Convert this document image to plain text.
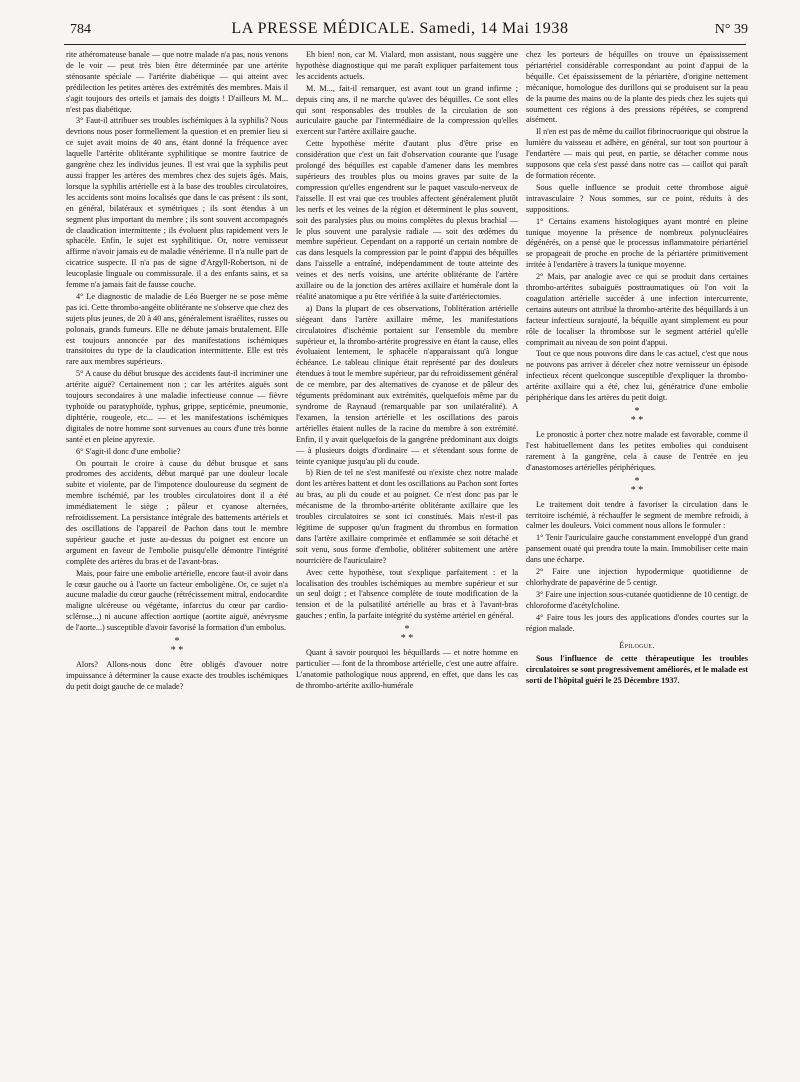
784	LA PRESSE MÉDICALE. Samedi, 14 Mai 1938	N° 39

rite athéromateuse banale — que notre malade n'a pas, nous venons de le voir — peut très bien être déterminée par une artérite sténosante spéciale — l'artérite diabétique — qui atteint avec prédilection les petites artères des extrémités des membres. Mais il s'agit toujours des orteils et jamais des doigts ! D'ailleurs M. M... n'est pas diabétique.

3° Faut-il attribuer ses troubles ischémiques à la syphilis? Nous devrions nous poser formellement la question et en premier lieu si ce sujet avait moins de 40 ans, étant donné la fréquence avec laquelle l'artérite oblitérante syphilitique se montre fautrice de gangrène chez les individus jeunes. Il est vrai que la syphilis peut aussi frapper les artères des membres chez des sujets âgés. Mais, lorsque la syphilis artérielle est à la base des troubles circulatoires, les accidents sont moins localisés que dans le cas présent : ils sont, en général, bilatéraux et symétriques ; ils sont étendus à un segment plus important du membre ; ils sont souvent accompagnés de claudication intermittente ; ils évoluent plus rapidement vers le sphacèle. Enfin, le sujet est syphilitique. Or, notre vernisseur affirme n'avoir jamais eu de maladie vénérienne. Il n'a nulle part de cicatrice suspecte. Il n'a pas de signe d'Argyll-Robertson, ni de leucoplasie linguale ou commissurale. il a des enfants sains, et sa femme n'a jamais fait de fausse couche.

4° Le diagnostic de maladie de Léo Buerger ne se pose même pas ici. Cette thrombo-angéite oblitérante ne s'observe que chez des sujets plus jeunes, de 20 à 40 ans, généralement israélites, russes ou polonais, grands fumeurs. Elle ne débute jamais brutalement. Elle est toujours annoncée par des manifestations ischémiques transitoires du type de la claudication intermittente. Elle est très rare aux membres supérieurs.

5° A cause du début brusque des accidents faut-il incriminer une artérite aiguë? Certainement non ; car les artérites aiguës sont toujours secondaires à une maladie infectieuse connue — fièvre typhoïde ou paratyphoïde, typhus, grippe, septicémie, pneumonie, diphtérie, rougeole, etc... — et les manifestations ischémiques digitales de notre homme sont survenues au cours d'une très bonne santé et en pleine apyrexie.

6° S'agit-il donc d'une embolie?

On pourrait le croire à cause du début brusque et sans prodromes des accidents, début marqué par une douleur locale subite et violente, par de l'impotence douloureuse du segment de membre ischémié, par les troubles circulatoires dont il a été immédiatement le siège ; pâleur et cyanose alternées, refroidissement. La persistance intégrale des battements artériels et des oscillations de l'appareil de Pachon dans tout le membre supérieur gauche et juste au-dessus du poignet est encore un argument en faveur de l'embolie puisqu'elle démontre l'intégrité complète des artères du bras et de l'avant-bras.

Mais, pour faire une embolie artérielle, encore faut-il avoir dans le cœur gauche ou à l'aorte un facteur emboligène. Or, ce sujet n'a aucune maladie du cœur gauche (rétrécissement mitral, endocardite maligne ulcéreuse ou végétante, infarctus du cœur par cardio-sclérose...) ni aucune affection aortique (aortite aiguë, anévrysme de l'aorte...) susceptible d'avoir favorisé la formation d'un embolus.

*
* *

Alors? Allons-nous donc être obligés d'avouer notre impuissance à déterminer la cause exacte des troubles ischémiques du petit doigt gauche de ce malade?

Eh bien! non, car M. Vialard, mon assistant, nous suggère une hypothèse diagnostique qui me paraît expliquer parfaitement tous les accidents actuels.

M. M..., fait-il remarquer, est avant tout un grand infirme ; depuis cinq ans, il ne marche qu'avec des béquilles. Ce sont elles qui sont responsables des troubles de la circulation de son auriculaire gauche par l'intermédiaire de la compression qu'elles exercent sur l'artère axillaire gauche.

Cette hypothèse mérite d'autant plus d'être prise en considération que c'est un fait d'observation courante que l'usage prolongé des béquilles est capable d'amener dans les membres supérieurs des troubles plus ou moins graves par suite de la compression qu'elles engendrent sur le paquet vasculo-nerveux de l'aisselle. Il est vrai que ces troubles affectent généralement plutôt les nerfs et les veines de la région et déterminent le plus souvent, soit des paralysies plus ou moins complètes du plexus brachial — le plus souvent une paralysie radiale — soit des œdèmes du membre supérieur. Cependant on a rapporté un certain nombre de cas dans lesquels la compression par le point d'appui des béquilles dans l'aisselle a entraîné, indépendamment de toute atteinte des veines et des nerfs voisins, une artérite oblitérante de l'artère axillaire ou de la jonction des artères axillaire et humérale dont la réalité anatomique a pu être vérifiée à la suite d'artériectomies.

a) Dans la plupart de ces observations, l'oblitération artérielle siégeant dans l'artère axillaire même, les manifestations circulatoires d'ischémie portaient sur l'ensemble du membre supérieur et, la thrombo-artérite progressive en étant la cause, elles évoluaient lentement, le sphacèle n'apparaissant qu'à longue échéance. Le tableau clinique était représenté par des douleurs étendues à tout le membre supérieur, par du refroidissement général de ce membre, par des alternatives de cyanose et de pâleur des téguments prédominant aux extrémités, quelquefois même par du syndrome de Raynaud (remarquable par son unilatéralité). A l'examen, la tension artérielle et les oscillations des parois artérielles étaient nulles de la racine du membre à son extrémité. Enfin, il y avait quelquefois de la gangrène prédominant aux doigts — à plusieurs doigts d'ordinaire — et s'étendant sous forme de teinte cyanique jusqu'au pli du coude.

b) Rien de tel ne s'est manifesté ou n'existe chez notre malade dont les artères battent et dont les oscillations au Pachon sont fortes au bras, au pli du coude et au poignet. Ce n'est donc pas par le mécanisme de la thrombo-artérite oblitérante axillaire que les troubles circulatoires se sont ici constitués. Mais n'est-il pas légitime de supposer qu'un fragment du thrombus en formation dans l'artère axillaire comprimée et enflammée se soit détaché et soit venu, sous forme d'embolie, oblitérer subitement une artère nourricière de l'auriculaire?

Avec cette hypothèse, tout s'explique parfaitement : et la localisation des troubles ischémiques au membre supérieur et sur un seul doigt ; et l'absence complète de toute modification de la tension et de la pulsatilité artérielle au bras et à l'avant-bras gauches ; enfin, la parfaite intégrité du système artériel en général.

*
* *

Quant à savoir pourquoi les béquillards — et notre homme en particulier — font de la thrombose artérielle, c'est une autre affaire. L'anatomie pathologique nous apprend, en effet, que dans les cas de thrombo-artérite axillo-humérale

chez les porteurs de béquilles on trouve un épaississement périartériel considérable correspondant au point d'appui de la béquille. Cet épaississement de la périartère, d'origine nettement mécanique, homologue des durillons qui se produisent sur la peau de la paume des mains ou de la plante des pieds chez les sujets qui soumettent ces régions à des pressions répétées, se comprend aisément.

Il n'en est pas de même du caillot fibrinocruorique qui obstrue la lumière du vaisseau et adhère, en général, sur tout son pourtour à l'endartère — mais qui peut, en partie, se détacher comme nous supposons que cela s'est passé dans notre cas — caillot qui paraît de formation récente.

Sous quelle influence se produit cette thrombose aiguë intravasculaire ? Nous sommes, sur ce point, réduits à des suppositions.

1° Certains examens histologiques ayant montré en pleine tunique moyenne la présence de nombreux polynucléaires dégénérés, on a pensé que le processus inflammatoire périartériel se propageait de proche en proche de la périartère primitivement irritée à l'endartère à travers la tunique moyenne.

2° Mais, par analogie avec ce qui se produit dans certaines thrombo-artérites subaiguës posttraumatiques où l'on voit la coagulation artérielle succéder à une infection intercurrente, certains auteurs ont attribué la thrombo-artérite des béquillards à un facteur infectieux surajouté, la béquille ayant simplement eu pour rôle de localiser la thrombose sur le segment artériel qu'elle comprimait au niveau de son point d'appui.

Tout ce que nous pouvons dire dans le cas actuel, c'est que nous ne pouvons pas arriver à déceler chez notre vernisseur un épisode infectieux récent quelconque susceptible d'expliquer la thrombo-artérite axillaire qui a été, chez lui, génératrice d'une embolie périphérique dans les artères du petit doigt.

*
* *

Le pronostic à porter chez notre malade est favorable, comme il l'est habituellement dans les petites embolies qui conduisent rarement à la gangrène, cela à cause de l'entrée en jeu d'anastomoses artérielles périphériques.

*
* *

Le traitement doit tendre à favoriser la circulation dans le territoire ischémié, à réchauffer le segment de membre refroidi, à calmer les douleurs. Voici comment nous allons le formuler :

1° Tenir l'auriculaire gauche constamment enveloppé d'un grand pansement ouaté qui prendra toute la main. Immobiliser cette main dans une écharpe.

2° Faire une injection hypodermique quotidienne de chlorhydrate de papavérine de 5 centigr.

3° Faire une injection sous-cutanée quotidienne de 10 centigr. de chloroforme d'acétylcholine.

4° Faire tous les jours des applications d'ondes courtes sur la région malade.

Épilogue.

Sous l'influence de cette thérapeutique les troubles circulatoires se sont progressivement améliorés, et le malade est sorti de l'hôpital guéri le 25 Décembre 1937.
